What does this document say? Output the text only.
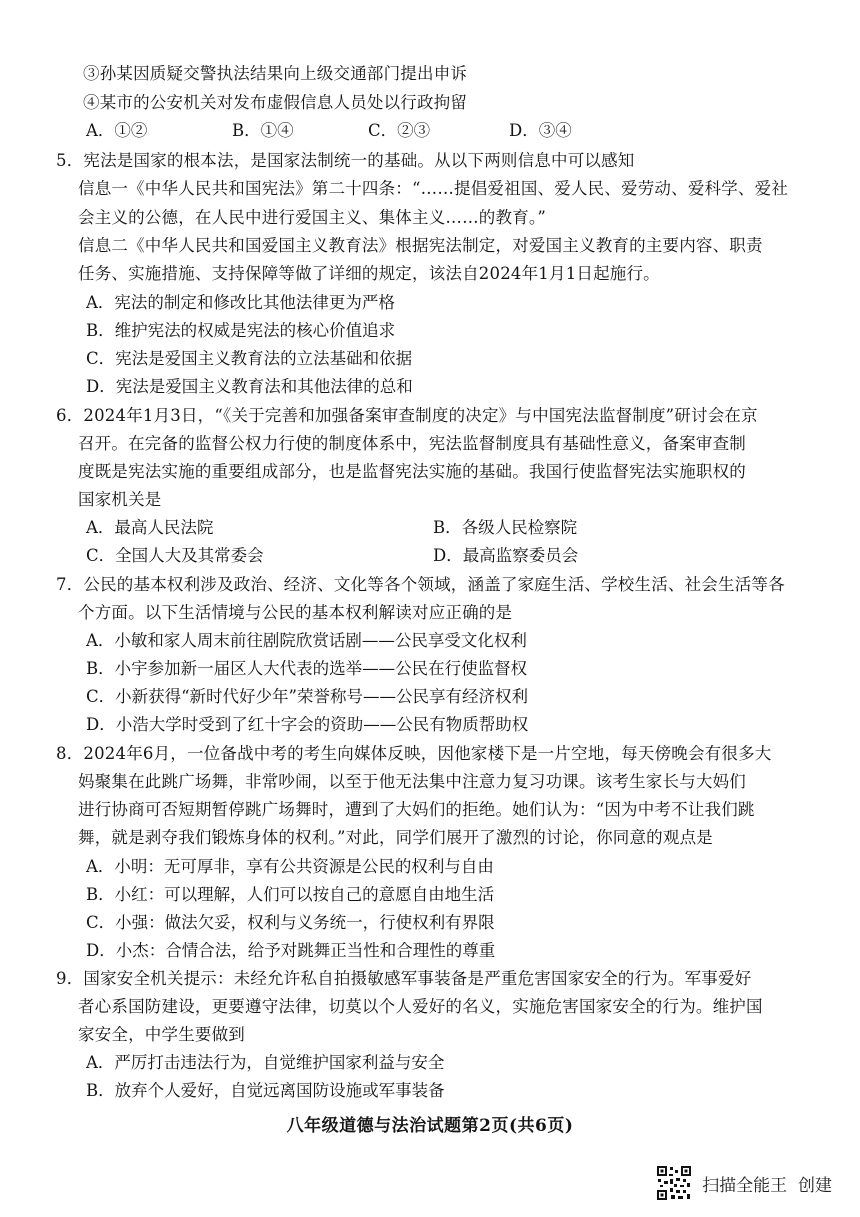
③孙某因质疑交警执法结果向上级交通部门提出申诉
④某市的公安机关对发布虚假信息人员处以行政拘留
A．①②	B．①④	C．②③	D．③④
5．宪法是国家的根本法，是国家法制统一的基础。从以下两则信息中可以感知
信息一《中华人民共和国宪法》第二十四条：“……提倡爱祖国、爱人民、爱劳动、爱科学、爱社
会主义的公德，在人民中进行爱国主义、集体主义……的教育。”
信息二《中华人民共和国爱国主义教育法》根据宪法制定，对爱国主义教育的主要内容、职责
任务、实施措施、支持保障等做了详细的规定，该法自2024年1月1日起施行。
A．宪法的制定和修改比其他法律更为严格
B．维护宪法的权威是宪法的核心价值追求
C．宪法是爱国主义教育法的立法基础和依据
D．宪法是爱国主义教育法和其他法律的总和
6．2024年1月3日，“《关于完善和加强备案审查制度的决定》与中国宪法监督制度”研讨会在京
召开。在完备的监督公权力行使的制度体系中，宪法监督制度具有基础性意义，备案审查制
度既是宪法实施的重要组成部分，也是监督宪法实施的基础。我国行使监督宪法实施职权的
国家机关是
A．最高人民法院	B．各级人民检察院
C．全国人大及其常委会	D．最高监察委员会
7．公民的基本权利涉及政治、经济、文化等各个领域，涵盖了家庭生活、学校生活、社会生活等各
个方面。以下生活情境与公民的基本权利解读对应正确的是
A．小敏和家人周末前往剧院欣赏话剧——公民享受文化权利
B．小宇参加新一届区人大代表的选举——公民在行使监督权
C．小新获得“新时代好少年”荣誉称号——公民享有经济权利
D．小浩大学时受到了红十字会的资助——公民有物质帮助权
8．2024年6月，一位备战中考的考生向媒体反映，因他家楼下是一片空地，每天傍晚会有很多大
妈聚集在此跳广场舞，非常吵闹，以至于他无法集中注意力复习功课。该考生家长与大妈们
进行协商可否短期暂停跳广场舞时，遭到了大妈们的拒绝。她们认为：“因为中考不让我们跳
舞，就是剥夺我们锻炼身体的权利。”对此，同学们展开了激烈的讨论，你同意的观点是
A．小明：无可厚非，享有公共资源是公民的权利与自由
B．小红：可以理解，人们可以按自己的意愿自由地生活
C．小强：做法欠妥，权利与义务统一，行使权利有界限
D．小杰：合情合法，给予对跳舞正当性和合理性的尊重
9．国家安全机关提示：未经允许私自拍摄敏感军事装备是严重危害国家安全的行为。军事爱好
者心系国防建设，更要遵守法律，切莫以个人爱好的名义，实施危害国家安全的行为。维护国
家安全，中学生要做到
A．严厉打击违法行为，自觉维护国家利益与安全
B．放弃个人爱好，自觉远离国防设施或军事装备
八年级道德与法治试题第2页(共6页)
扫描全能王  创建
